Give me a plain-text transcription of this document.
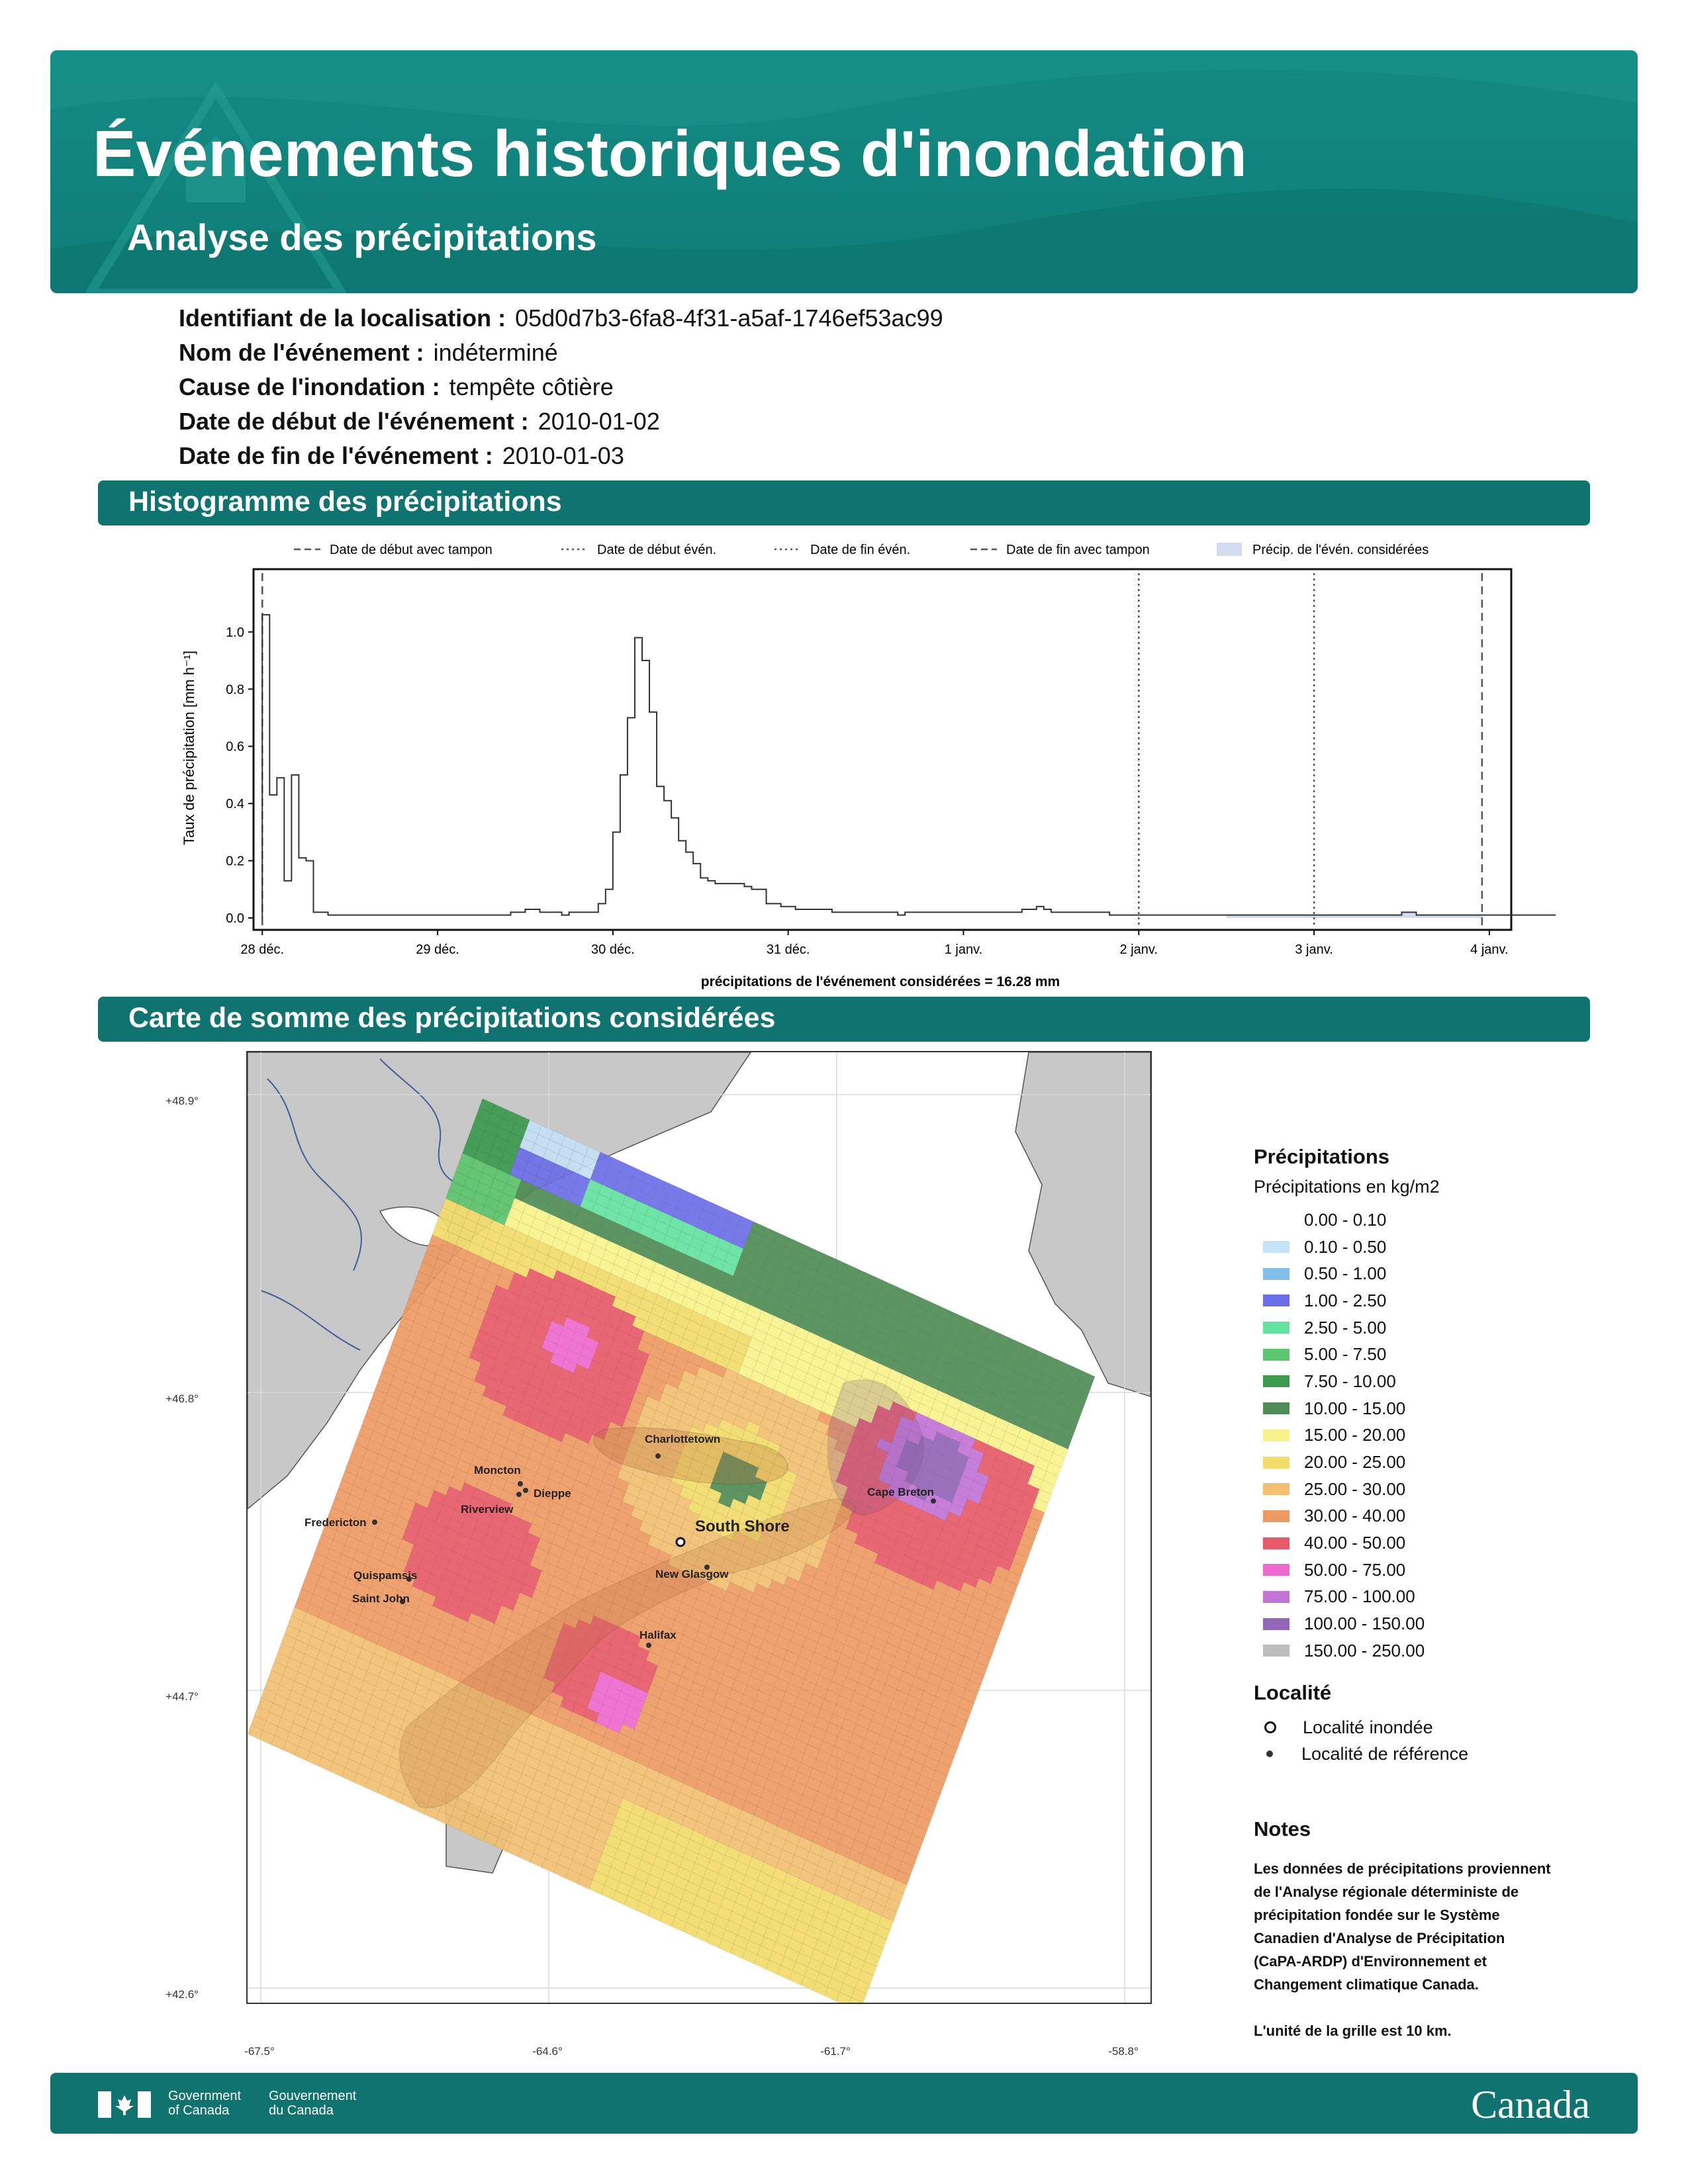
Événements historiques d'inondation
Analyse des précipitations
Identifiant de la localisation : 05d0d7b3-6fa8-4f31-a5af-1746ef53ac99
Nom de l'événement : indéterminé
Cause de l'inondation : tempête côtière
Date de début de l'événement : 2010-01-02
Date de fin de l'événement : 2010-01-03
Histogramme des précipitations
Date de début avec tampon	Date de début évén.	Date de fin évén.	Date de fin avec tampon	Précip. de l'évén. considérées
0.0
0.2
0.4
0.6
0.8
1.0
28 déc.	29 déc.	30 déc.	31 déc.	1 janv.	2 janv.	3 janv.	4 janv.
Taux de précipitation [mm h⁻¹]
précipitations de l'événement considérées = 16.28 mm
Carte de somme des précipitations considérées
Charlottetown
Moncton
Dieppe
Riverview
Fredericton
Cape Breton
South Shore
New Glasgow
Quispamsis
Saint John
Halifax
+48.9°
+46.8°
+44.7°
+42.6°
-67.5°	-64.6°	-61.7°	-58.8°
Précipitations
Précipitations en kg/m2
0.00 - 0.10
0.10 - 0.50
0.50 - 1.00
1.00 - 2.50
2.50 - 5.00
5.00 - 7.50
7.50 - 10.00
10.00 - 15.00
15.00 - 20.00
20.00 - 25.00
25.00 - 30.00
30.00 - 40.00
40.00 - 50.00
50.00 - 75.00
75.00 - 100.00
100.00 - 150.00
150.00 - 250.00
Localité
Localité inondée
Localité de référence
Notes

Les données de précipitations proviennent

de l'Analyse régionale déterministe de

précipitation fondée sur le Système

Canadien d'Analyse de Précipitation

(CaPA-ARDP) d'Environnement et

Changement climatique Canada.

L'unité de la grille est 10 km.

Government
of Canada
Gouvernement
du Canada	Canada
